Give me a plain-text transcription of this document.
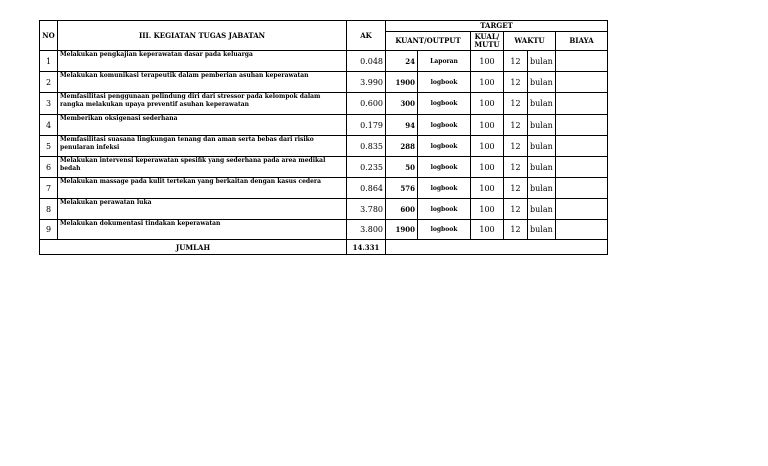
NO	III. KEGIATAN TUGAS JABATAN	AK	TARGET					
			KUANT/OUTPUT		KUAL/ MUTU	WAKTU		BIAYA
1	Melakukan pengkajian keperawatan dasar pada keluarga	0.048	24	Laporan	100	12	bulan	
2	Melakukan komunikasi terapeutik dalam pemberian asuhan keperawatan	3.990	1900	logbook	100	12	bulan	
3	Memfasilitasi penggunaan pelindung diri dari stressor pada kelompok dalam rangka melakukan upaya preventif asuhan keperawatan	0.600	300	logbook	100	12	bulan	
4	Memberikan oksigenasi sederhana	0.179	94	logbook	100	12	bulan	
5	Memfasilitasi suasana lingkungan tenang dan aman serta bebas dari risiko penularan infeksi	0.835	288	logbook	100	12	bulan	
6	Melakukan intervensi keperawatan spesifik yang sederhana pada area medikal bedah	0.235	50	logbook	100	12	bulan	
7	Melakukan massage pada kulit tertekan yang berkaitan dengan kasus cedera	0.864	576	logbook	100	12	bulan	
8	Melakukan perawatan luka	3.780	600	logbook	100	12	bulan	
9	Melakukan dokumentasi tindakan keperawatan	3.800	1900	logbook	100	12	bulan	
JUMLAH		14.331						
